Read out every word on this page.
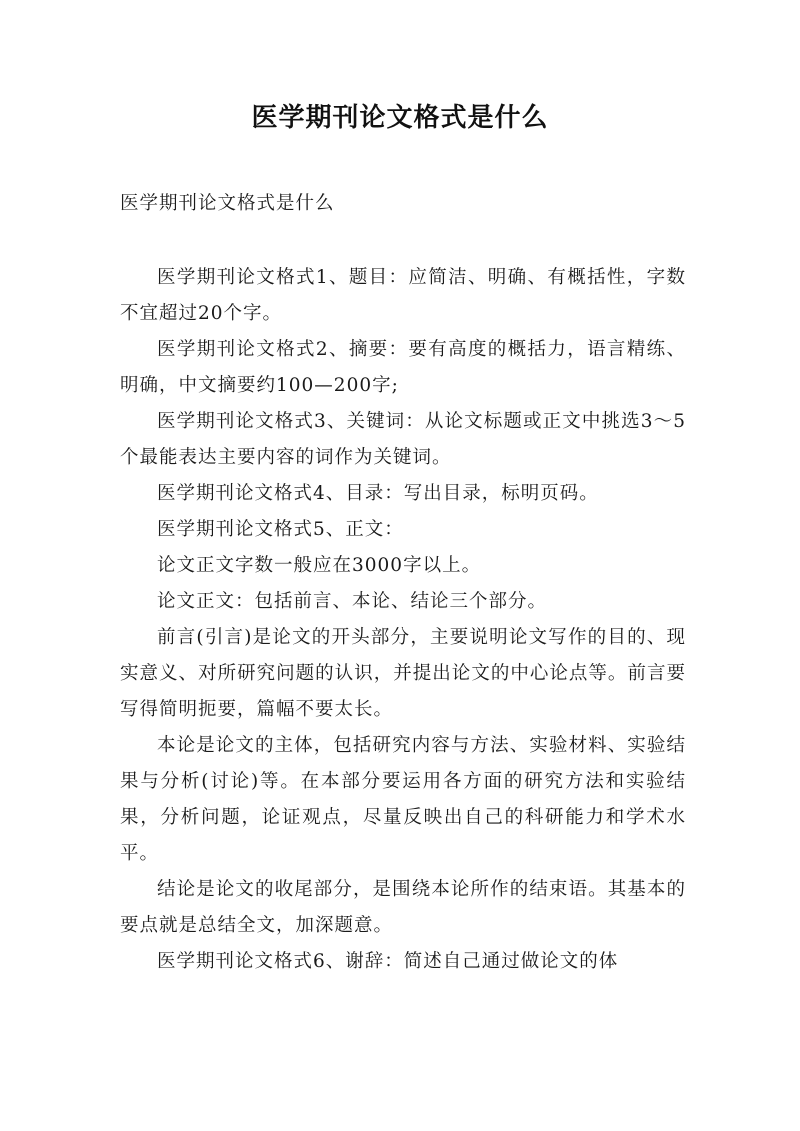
医学期刊论文格式是什么
医学期刊论文格式是什么

医学期刊论文格式1、题目：应简洁、明确、有概括性，字数不宜超过20个字。

医学期刊论文格式2、摘要：要有高度的概括力，语言精练、明确，中文摘要约100—200字;

医学期刊论文格式3、关键词：从论文标题或正文中挑选3～5个最能表达主要内容的词作为关键词。

医学期刊论文格式4、目录：写出目录，标明页码。

医学期刊论文格式5、正文：

论文正文字数一般应在3000字以上。

论文正文：包括前言、本论、结论三个部分。

前言(引言)是论文的开头部分，主要说明论文写作的目的、现实意义、对所研究问题的认识，并提出论文的中心论点等。前言要写得简明扼要，篇幅不要太长。

本论是论文的主体，包括研究内容与方法、实验材料、实验结果与分析(讨论)等。在本部分要运用各方面的研究方法和实验结果，分析问题，论证观点，尽量反映出自己的科研能力和学术水平。

结论是论文的收尾部分，是围绕本论所作的结束语。其基本的要点就是总结全文，加深题意。

医学期刊论文格式6、谢辞：简述自己通过做论文的体
